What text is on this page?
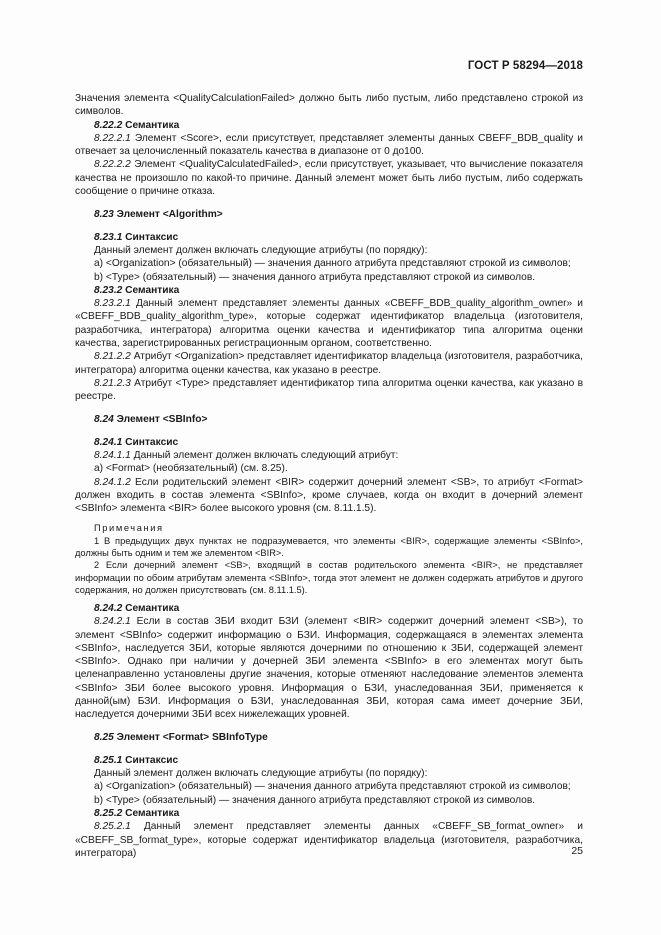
ГОСТ Р 58294—2018

Значения элемента <QualityCalculationFailed> должно быть либо пустым, либо представлено строкой из символов.

8.22.2 Семантика

8.22.2.1 Элемент <Score>, если присутствует, представляет элементы данных CBEFF_BDB_quality и отвечает за целочисленный показатель качества в диапазоне от 0 до100.

8.22.2.2 Элемент <QualityCalculatedFailed>, если присутствует, указывает, что вычисление показателя качества не произошло по какой-то причине. Данный элемент может быть либо пустым, либо содержать сообщение о причине отказа.

8.23 Элемент <Algorithm>

8.23.1 Синтаксис

Данный элемент должен включать следующие атрибуты (по порядку):

a) <Organization> (обязательный) — значения данного атрибута представляют строкой из символов;

b) <Type> (обязательный) — значения данного атрибута представляют строкой из символов.

8.23.2 Семантика

8.23.2.1 Данный элемент представляет элементы данных «CBEFF_BDB_quality_algorithm_owner» и «CBEFF_BDB_quality_algorithm_type», которые содержат идентификатор владельца (изготовителя, разработчика, интегратора) алгоритма оценки качества и идентификатор типа алгоритма оценки качества, зарегистрированных регистрационным органом, соответственно.

8.21.2.2 Атрибут <Organization> представляет идентификатор владельца (изготовителя, разработчика, интегратора) алгоритма оценки качества, как указано в реестре.

8.21.2.3 Атрибут <Type> представляет идентификатор типа алгоритма оценки качества, как указано в реестре.

8.24 Элемент <SBInfo>

8.24.1 Синтаксис

8.24.1.1 Данный элемент должен включать следующий атрибут:

a) <Format> (необязательный) (см. 8.25).

8.24.1.2 Если родительский элемент <BIR> содержит дочерний элемент <SB>, то атрибут <Format> должен входить в состав элемента <SBInfo>, кроме случаев, когда он входит в дочерний элемент <SBInfo> элемента <BIR> более высокого уровня (см. 8.11.1.5).

Примечания

1 В предыдущих двух пунктах не подразумевается, что элементы <BIR>, содержащие элементы <SBInfo>, должны быть одним и тем же элементом <BIR>.

2 Если дочерний элемент <SB>, входящий в состав родительского элемента <BIR>, не представляет информации по обоим атрибутам элемента <SBInfo>, тогда этот элемент не должен содержать атрибутов и другого содержания, но должен присутствовать (см. 8.11.1.5).

8.24.2 Семантика

8.24.2.1 Если в состав ЗБИ входит БЗИ (элемент <BIR> содержит дочерний элемент <SB>), то элемент <SBInfo> содержит информацию о БЗИ. Информация, содержащаяся в элементах элемента <SBInfo>, наследуется ЗБИ, которые являются дочерними по отношению к ЗБИ, содержащей элемент <SBInfo>. Однако при наличии у дочерней ЗБИ элемента <SBInfo> в его элементах могут быть целенаправленно установлены другие значения, которые отменяют наследование элементов элемента <SBInfo> ЗБИ более высокого уровня. Информация о БЗИ, унаследованная ЗБИ, применяется к данной(ым) БЗИ. Информация о БЗИ, унаследованная ЗБИ, которая сама имеет дочерние ЗБИ, наследуется дочерними ЗБИ всех нижележащих уровней.

8.25 Элемент <Format> SBInfoType

8.25.1 Синтаксис

Данный элемент должен включать следующие атрибуты (по порядку):

a) <Organization> (обязательный) — значения данного атрибута представляют строкой из символов;

b) <Type> (обязательный) — значения данного атрибута представляют строкой из символов.

8.25.2 Семантика

8.25.2.1 Данный элемент представляет элементы данных «CBEFF_SB_format_owner» и «CBEFF_SB_format_type», которые содержат идентификатор владельца (изготовителя, разработчика, интегратора)	25
